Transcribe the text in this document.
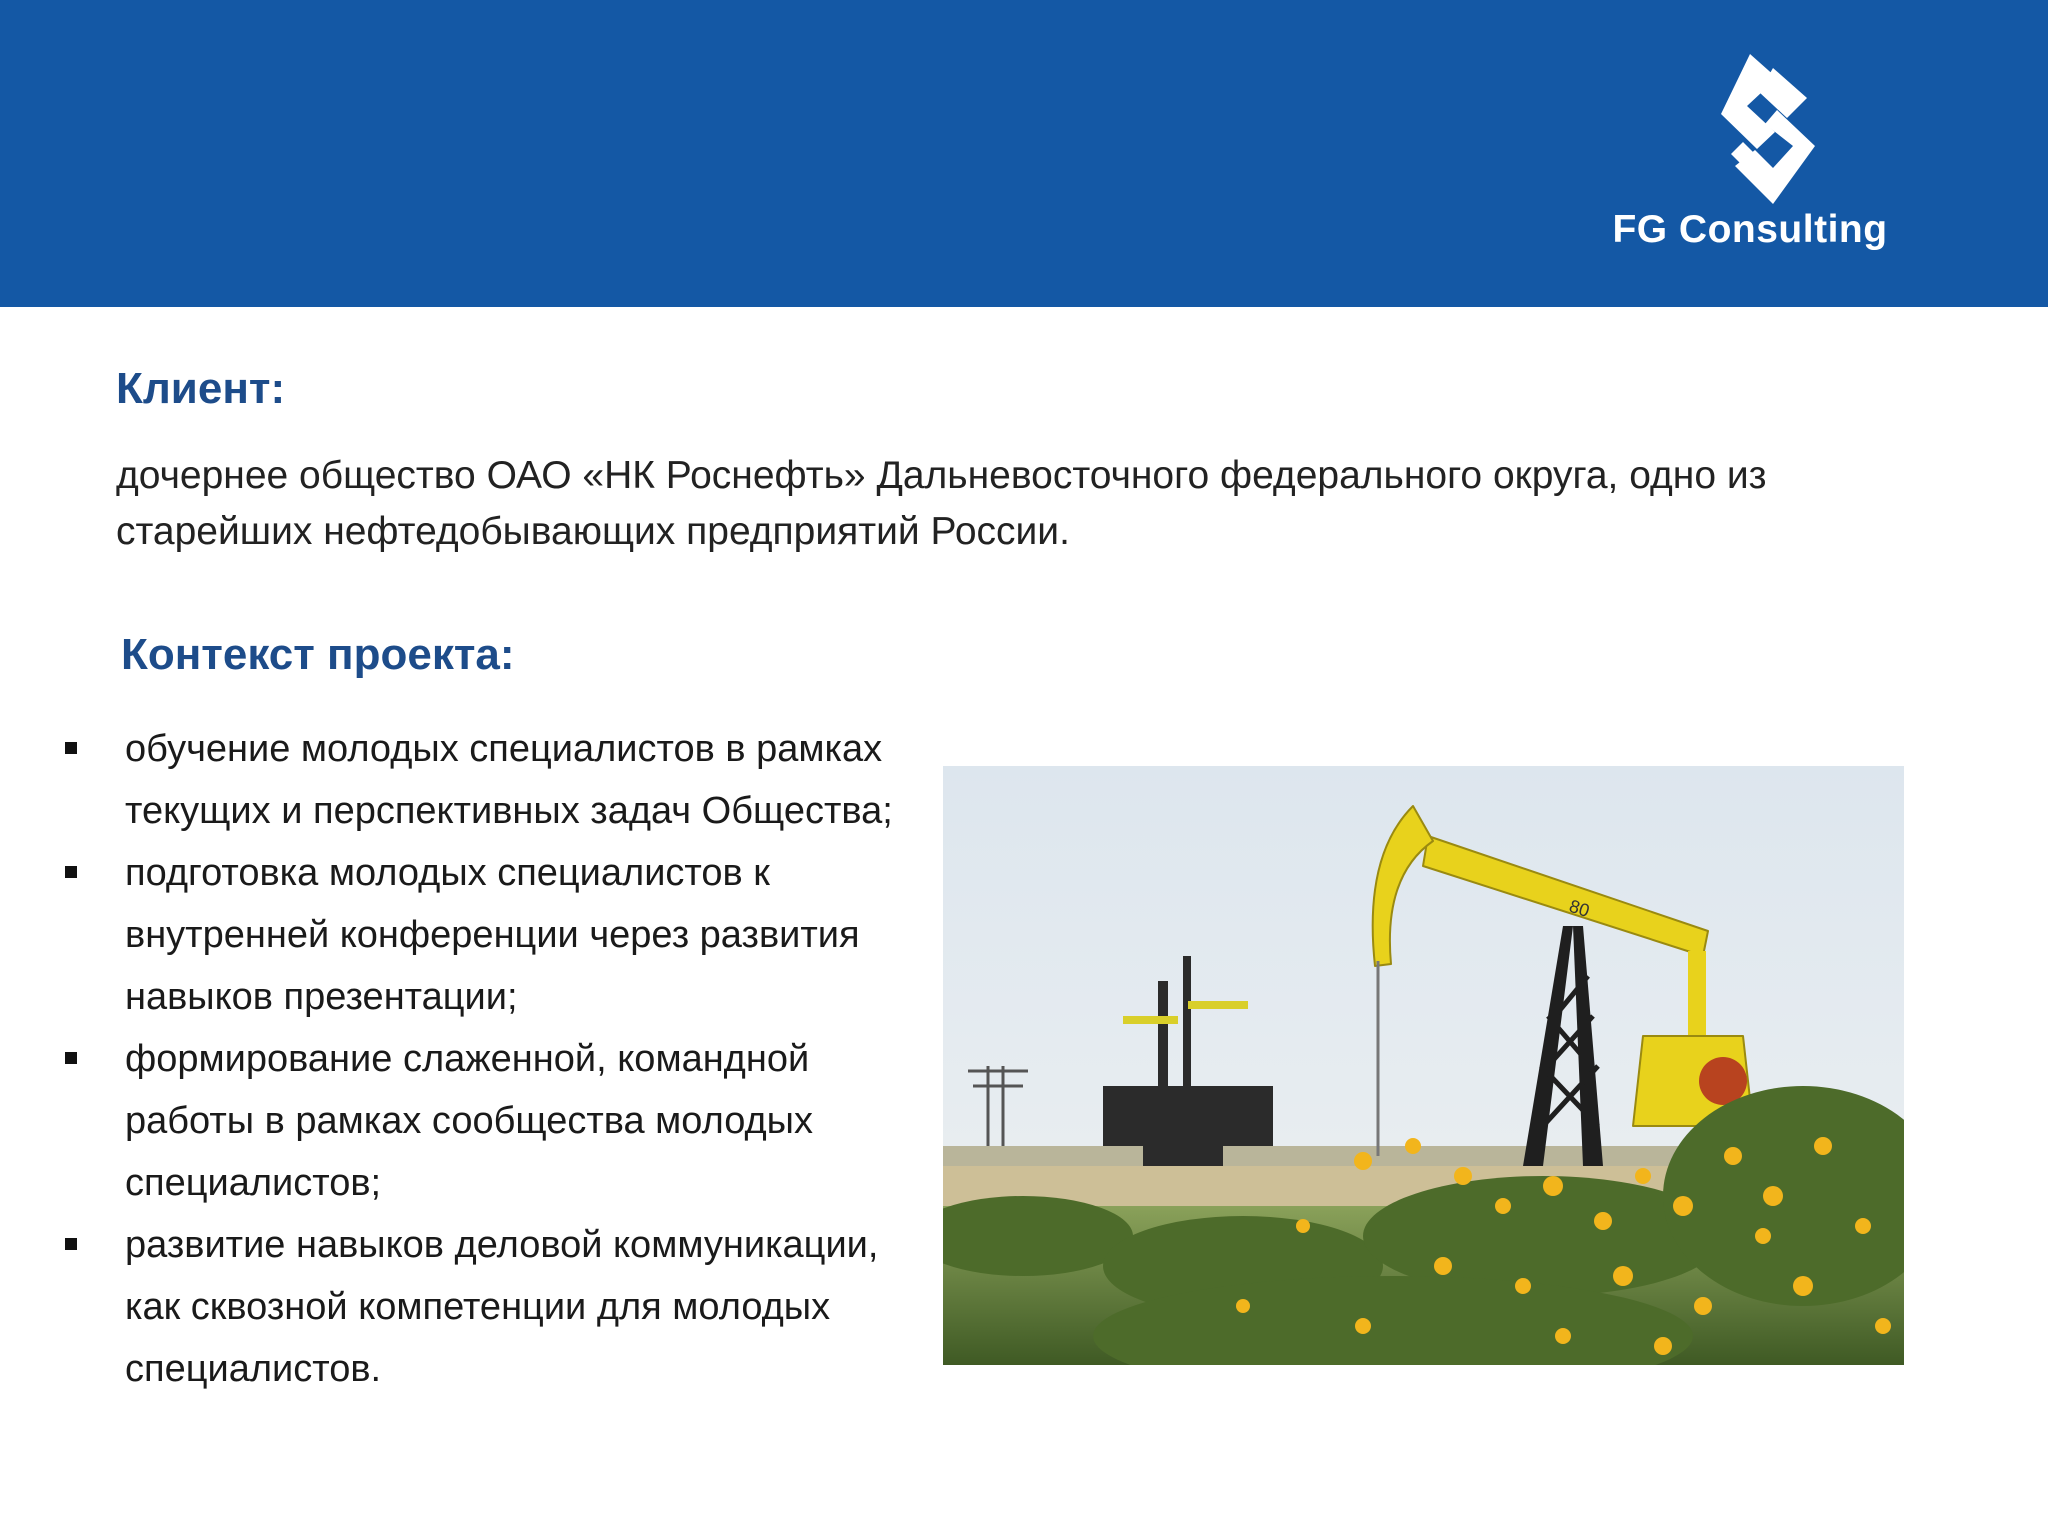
FG Consulting
Клиент:

дочернее общество ОАО «НК Роснефть» Дальневосточного федерального округа, одно из старейших нефтедобывающих предприятий России.

Контекст проекта:
обучение молодых специалистов в рамках текущих и перспективных задач Общества;
подготовка молодых специалистов к внутренней конференции через развития навыков презентации;
формирование слаженной, командной работы в рамках сообщества молодых специалистов;
развитие навыков деловой коммуникации, как сквозной компетенции для молодых специалистов.
80
